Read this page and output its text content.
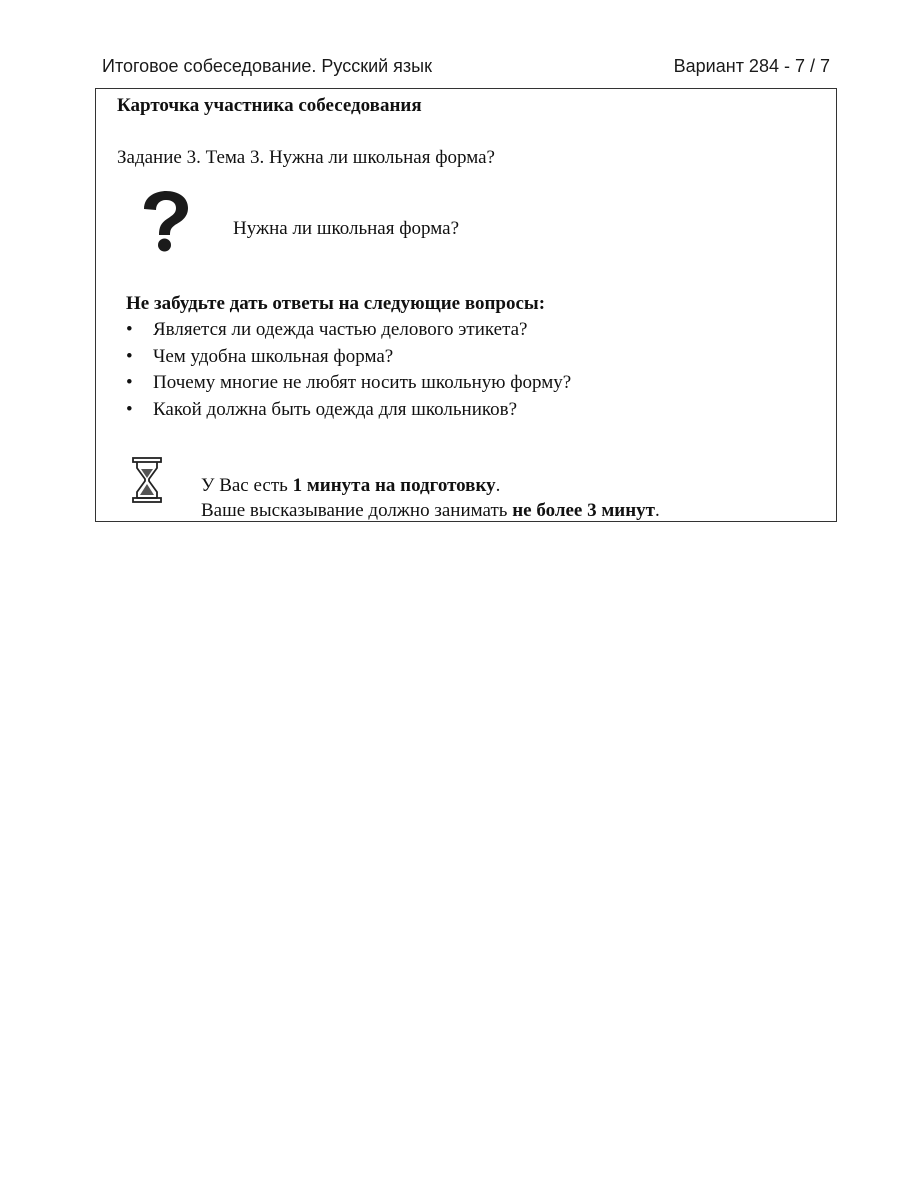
Итоговое собеседование. Русский язык	Вариант 284 - 7 / 7
Карточка участника собеседования
Задание 3. Тема 3. Нужна ли школьная форма?
Нужна ли школьная форма?

Не забудьте дать ответы на следующие вопросы:

• Является ли одежда частью делового этикета?
• Чем удобна школьная форма?
• Почему многие не любят носить школьную форму?
• Какой должна быть одежда для школьников?

У Вас есть 1 минута на подготовку.

Ваше высказывание должно занимать не более 3 минут.
